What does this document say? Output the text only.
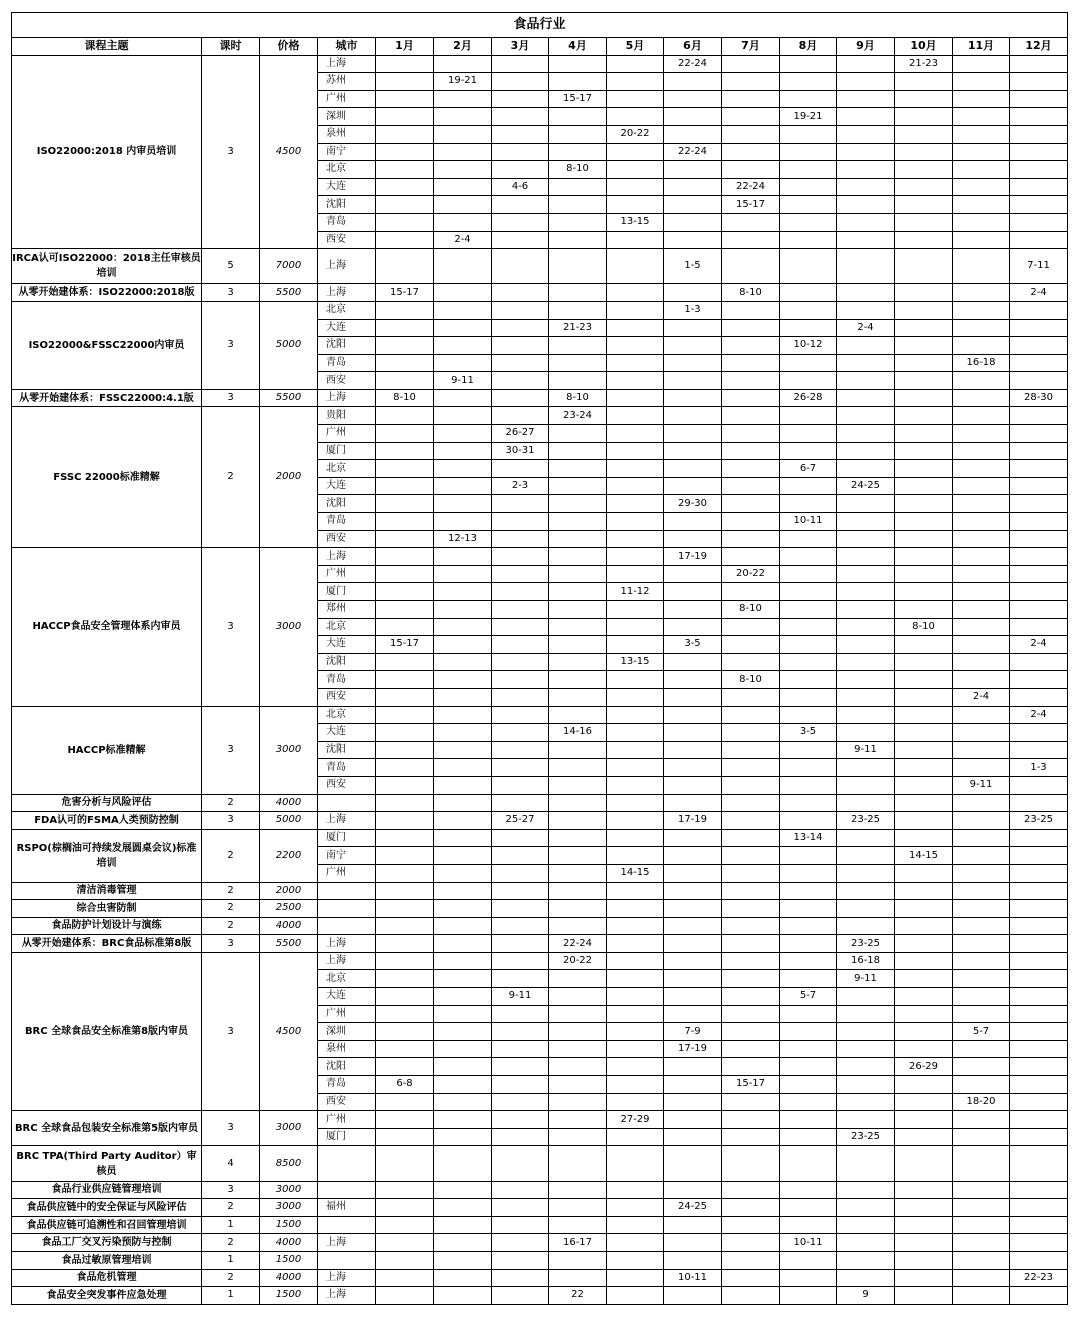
食品行业															
课程主题	课时	价格	城市	1月	2月	3月	4月	5月	6月	7月	8月	9月	10月	11月	12月
ISO22000:2018 内审员培训	3	4500	上海						22-24				21-23		
			苏州		19-21										
			广州				15-17								
			深圳								19-21				
			泉州					20-22							
			南宁						22-24						
			北京				8-10								
			大连			4-6				22-24					
			沈阳							15-17					
			青岛					13-15							
			西安		2-4										
IRCA认可ISO22000：2018主任审核员培训	5	7000	上海						1-5						7-11
从零开始建体系：ISO22000:2018版	3	5500	上海	15-17						8-10					2-4
ISO22000&FSSC22000内审员	3	5000	北京						1-3						
			大连				21-23					2-4			
			沈阳								10-12				
			青岛											16-18	
			西安		9-11										
从零开始建体系：FSSC22000:4.1版	3	5500	上海	8-10			8-10				26-28				28-30
FSSC 22000标准精解	2	2000	贵阳				23-24								
			广州			26-27									
			厦门			30-31									
			北京								6-7				
			大连			2-3						24-25			
			沈阳						29-30						
			青岛								10-11				
			西安		12-13										
HACCP食品安全管理体系内审员	3	3000	上海						17-19						
			广州							20-22					
			厦门					11-12							
			郑州							8-10					
			北京										8-10		
			大连	15-17					3-5						2-4
			沈阳					13-15							
			青岛							8-10					
			西安											2-4	
HACCP标准精解	3	3000	北京												2-4
			大连				14-16				3-5				
			沈阳									9-11			
			青岛												1-3
			西安											9-11	
危害分析与风险评估	2	4000													
FDA认可的FSMA人类预防控制	3	5000	上海			25-27			17-19			23-25			23-25
RSPO(棕榈油可持续发展圆桌会议)标准培训	2	2200	厦门								13-14				
			南宁										14-15		
			广州					14-15							
清洁消毒管理	2	2000													
综合虫害防制	2	2500													
食品防护计划设计与演练	2	4000													
从零开始建体系：BRC食品标准第8版	3	5500	上海				22-24					23-25			
BRC 全球食品安全标准第8版内审员	3	4500	上海				20-22					16-18			
			北京									9-11			
			大连			9-11					5-7				
			广州												
			深圳						7-9					5-7	
			泉州						17-19						
			沈阳										26-29		
			青岛	6-8						15-17					
			西安											18-20	
BRC 全球食品包装安全标准第5版内审员	3	3000	广州					27-29							
			厦门									23-25			
BRC TPA(Third Party Auditor）审核员	4	8500													
食品行业供应链管理培训	3	3000													
食品供应链中的安全保证与风险评估	2	3000	福州						24-25						
食品供应链可追溯性和召回管理培训	1	1500													
食品工厂交叉污染预防与控制	2	4000	上海				16-17				10-11				
食品过敏原管理培训	1	1500													
食品危机管理	2	4000	上海						10-11						22-23
食品安全突发事件应急处理	1	1500	上海				22					9			
